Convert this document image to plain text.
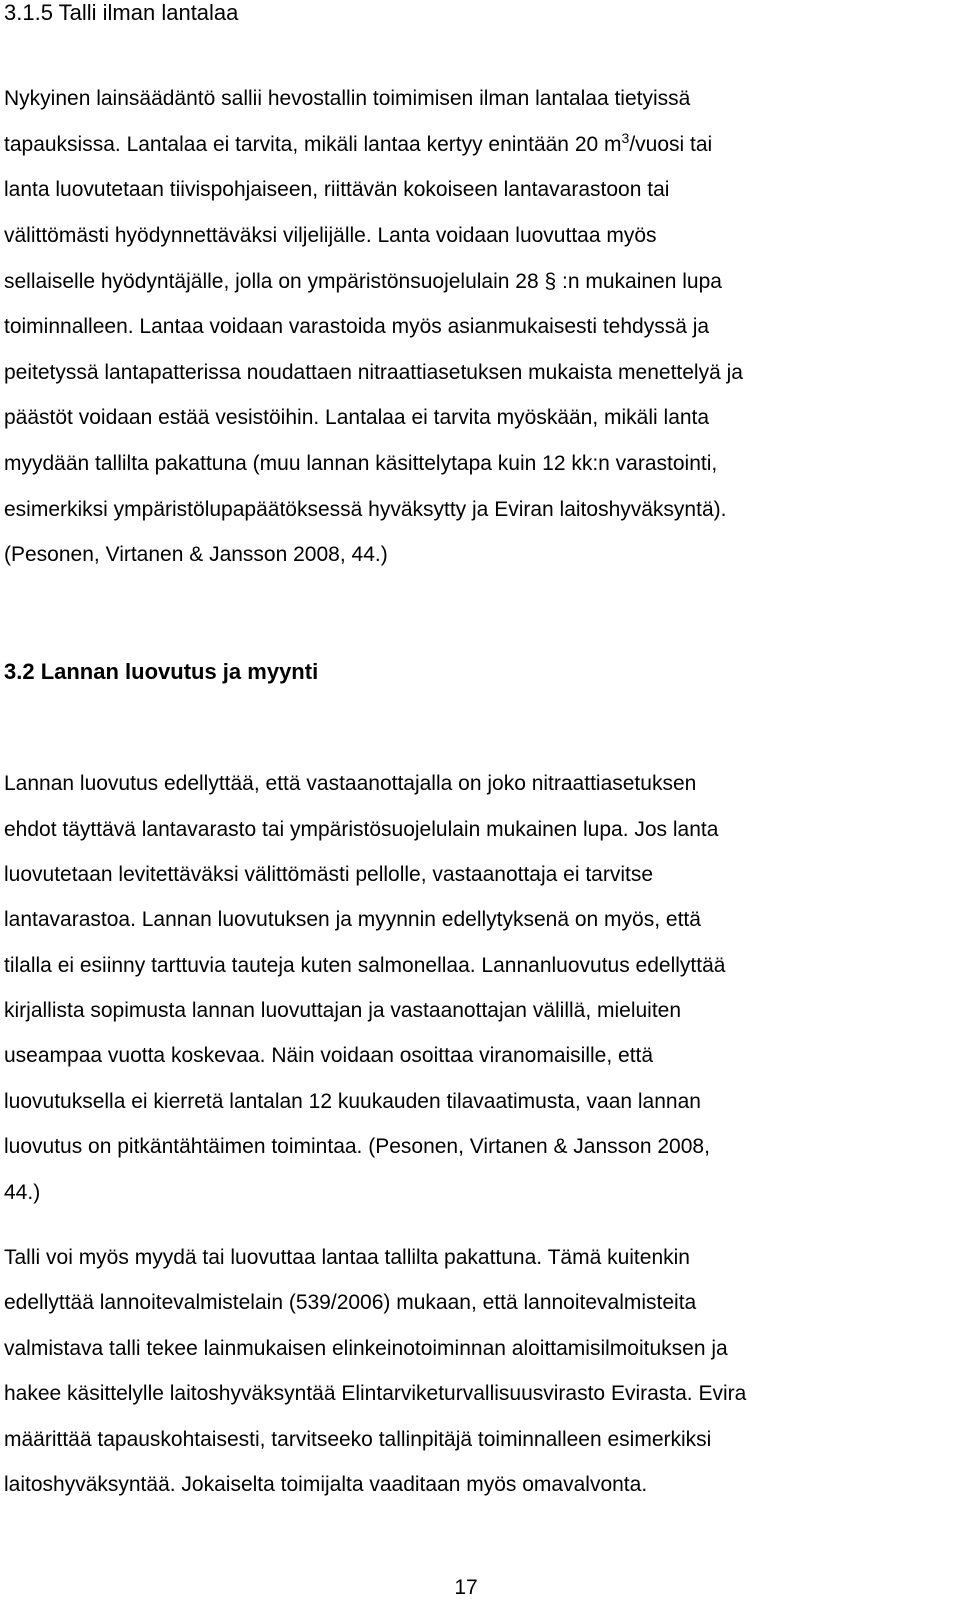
3.1.5 Talli ilman lantalaa
Nykyinen lainsäädäntö sallii hevostallin toimimisen ilman lantalaa tietyissä
tapauksissa. Lantalaa ei tarvita, mikäli lantaa kertyy enintään 20 $m^3$/vuosi tai
lanta luovutetaan tiivispohjaiseen, riittävän kokoiseen lantavarastoon tai
välittömästi hyödynnettäväksi viljelijälle. Lanta voidaan luovuttaa myös
sellaiselle hyödyntäjälle, jolla on ympäristönsuojelulain 28 § :n mukainen lupa
toiminnalleen. Lantaa voidaan varastoida myös asianmukaisesti tehdyssä ja
peitetyssä lantapatterissa noudattaen nitraattiasetuksen mukaista menettelyä ja
päästöt voidaan estää vesistöihin. Lantalaa ei tarvita myöskään, mikäli lanta
myydään tallilta pakattuna (muu lannan käsittelytapa kuin 12 kk:n varastointi,
esimerkiksi ympäristölupapäätöksessä hyväksytty ja Eviran laitoshyväksyntä).
(Pesonen, Virtanen & Jansson 2008, 44.)
3.2 Lannan luovutus ja myynti
Lannan luovutus edellyttää, että vastaanottajalla on joko nitraattiasetuksen
ehdot täyttävä lantavarasto tai ympäristösuojelulain mukainen lupa. Jos lanta
luovutetaan levitettäväksi välittömästi pellolle, vastaanottaja ei tarvitse
lantavarastoa. Lannan luovutuksen ja myynnin edellytyksenä on myös, että
tilalla ei esiinny tarttuvia tauteja kuten salmonellaa. Lannanluovutus edellyttää
kirjallista sopimusta lannan luovuttajan ja vastaanottajan välillä, mieluiten
useampaa vuotta koskevaa. Näin voidaan osoittaa viranomaisille, että
luovutuksella ei kierretä lantalan 12 kuukauden tilavaatimusta, vaan lannan
luovutus on pitkäntähtäimen toimintaa. (Pesonen, Virtanen & Jansson 2008,
44.)
Talli voi myös myydä tai luovuttaa lantaa tallilta pakattuna. Tämä kuitenkin
edellyttää lannoitevalmistelain (539/2006) mukaan, että lannoitevalmisteita
valmistava talli tekee lainmukaisen elinkeinotoiminnan aloittamisilmoituksen ja
hakee käsittelylle laitoshyväksyntää Elintarviketurvallisuusvirasto Evirasta. Evira
määrittää tapauskohtaisesti, tarvitseeko tallinpitäjä toiminnalleen esimerkiksi
laitoshyväksyntää. Jokaiselta toimijalta vaaditaan myös omavalvonta.
17
